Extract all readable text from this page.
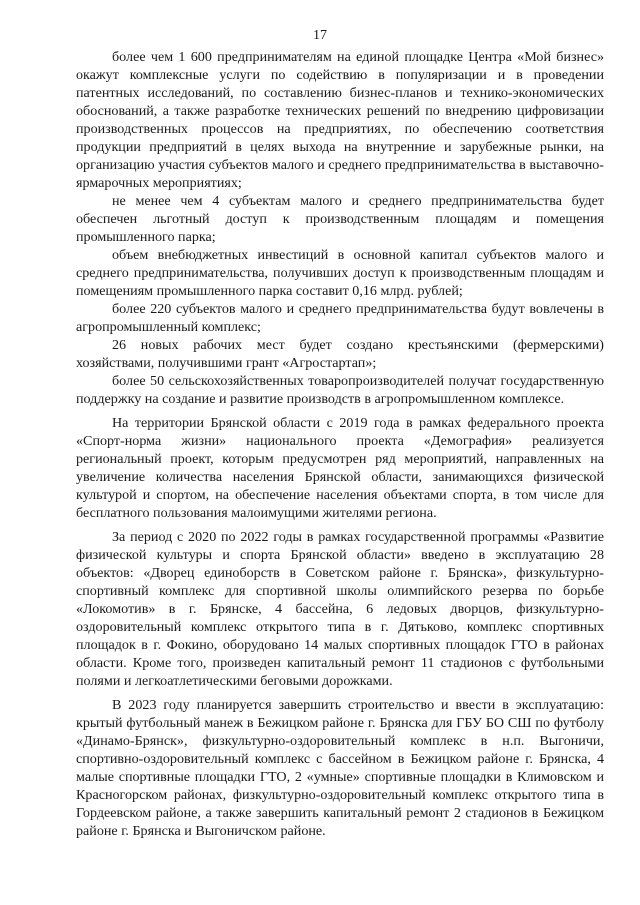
17

более чем 1 600 предпринимателям на единой площадке Центра «Мой бизнес» окажут комплексные услуги по содействию в популяризации и в проведении патентных исследований, по составлению бизнес-планов и технико-экономических обоснований, а также разработке технических решений по внедрению цифровизации производственных процессов на предприятиях, по обеспечению соответствия продукции предприятий в целях выхода на внутренние и зарубежные рынки, на организацию участия субъектов малого и среднего предпринимательства в выставочно-ярмарочных мероприятиях;

не менее чем 4 субъектам малого и среднего предпринимательства будет обеспечен льготный доступ к производственным площадям и помещения промышленного парка;

объем внебюджетных инвестиций в основной капитал субъектов малого и среднего предпринимательства, получивших доступ к производственным площадям и помещениям промышленного парка составит 0,16 млрд. рублей;

более 220 субъектов малого и среднего предпринимательства будут вовлечены в агропромышленный комплекс;

26 новых рабочих мест будет создано крестьянскими (фермерскими) хозяйствами, получившими грант «Агростартап»;

более 50 сельскохозяйственных товаропроизводителей получат государственную поддержку на создание и развитие производств в агропромышленном комплексе.

На территории Брянской области с 2019 года в рамках федерального проекта «Спорт-норма жизни» национального проекта «Демография» реализуется региональный проект, которым предусмотрен ряд мероприятий, направленных на увеличение количества населения Брянской области, занимающихся физической культурой и спортом, на обеспечение населения объектами спорта, в том числе для бесплатного пользования малоимущими жителями региона.

За период с 2020 по 2022 годы в рамках государственной программы «Развитие физической культуры и спорта Брянской области» введено в эксплуатацию 28 объектов: «Дворец единоборств в Советском районе г. Брянска», физкультурно-спортивный комплекс для спортивной школы олимпийского резерва по борьбе «Локомотив» в г. Брянске, 4 бассейна, 6 ледовых дворцов, физкультурно-оздоровительный комплекс открытого типа в г. Дятьково, комплекс спортивных площадок в г. Фокино, оборудовано 14 малых спортивных площадок ГТО в районах области. Кроме того, произведен капитальный ремонт 11 стадионов с футбольными полями и легкоатлетическими беговыми дорожками.

В 2023 году планируется завершить строительство и ввести в эксплуатацию: крытый футбольный манеж в Бежицком районе г. Брянска для ГБУ БО СШ по футболу «Динамо-Брянск», физкультурно-оздоровительный комплекс в н.п. Выгоничи, спортивно-оздоровительный комплекс с бассейном в Бежицком районе г. Брянска, 4 малые спортивные площадки ГТО, 2 «умные» спортивные площадки в Климовском и Красногорском районах, физкультурно-оздоровительный комплекс открытого типа в Гордеевском районе, а также завершить капитальный ремонт 2 стадионов в Бежицком районе г. Брянска и Выгоничском районе.
